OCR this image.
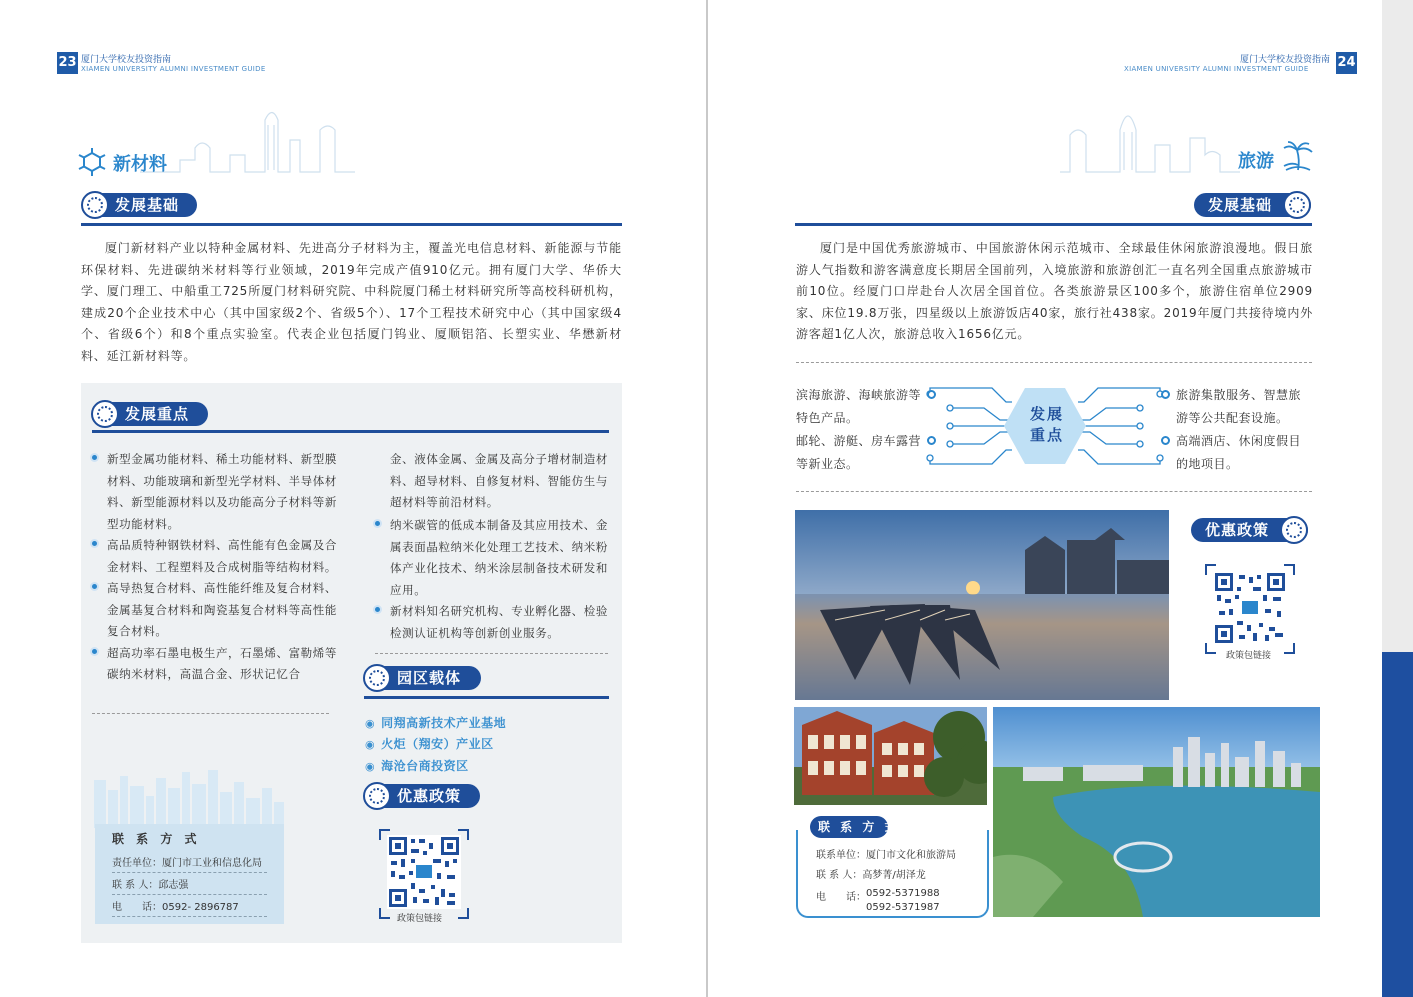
23 厦门大学校友投资指南
XIAMEN UNIVERSITY ALUMNI INVESTMENT GUIDE
新材料
发展基础
厦门新材料产业以特种金属材料、先进高分子材料为主，覆盖光电信息材料、新能源与节能环保材料、先进碳纳米材料等行业领域，2019年完成产值910亿元。拥有厦门大学、华侨大学、厦门理工、中船重工725所厦门材料研究院、中科院厦门稀土材料研究所等高校科研机构，建成20个企业技术中心（其中国家级2个、省级5个）、17个工程技术研究中心（其中国家级4个、省级6个）和8个重点实验室。代表企业包括厦门钨业、厦顺铝箔、长塑实业、华懋新材料、延江新材料等。
发展重点
新型金属功能材料、稀土功能材料、新型膜材料、功能玻璃和新型光学材料、半导体材料、新型能源材料以及功能高分子材料等新型功能材料。
高品质特种钢铁材料、高性能有色金属及合金材料、工程塑料及合成树脂等结构材料。
高导热复合材料、高性能纤维及复合材料、金属基复合材料和陶瓷基复合材料等高性能复合材料。
超高功率石墨电极生产，石墨烯、富勒烯等碳纳米材料，高温合金、形状记忆合
金、液体金属、金属及高分子增材制造材料、超导材料、自修复材料、智能仿生与超材料等前沿材料。
纳米碳管的低成本制备及其应用技术、金属表面晶粒纳米化处理工艺技术、纳米粉体产业化技术、纳米涂层制备技术研发和应用。
新材料知名研究机构、专业孵化器、检验检测认证机构等创新创业服务。
园区载体
◉ 同翔高新技术产业基地
◉ 火炬（翔安）产业区
◉ 海沧台商投资区
优惠政策
政策包链接
联 系 方 式
责任单位：厦门市工业和信息化局
联 系 人：邱志强
电　　话：0592- 2896787
厦门大学校友投资指南
XIAMEN UNIVERSITY ALUMNI INVESTMENT GUIDE 24
旅游
发展基础
厦门是中国优秀旅游城市、中国旅游休闲示范城市、全球最佳休闲旅游浪漫地。假日旅游人气指数和游客满意度长期居全国前列，入境旅游和旅游创汇一直名列全国重点旅游城市前10位。经厦门口岸赴台人次居全国首位。各类旅游景区100多个，旅游住宿单位2909家、床位19.8万张，四星级以上旅游饭店40家，旅行社438家。2019年厦门共接待境内外游客超1亿人次，旅游总收入1656亿元。
发展
重点
滨海旅游、海峡旅游等特色产品。
邮轮、游艇、房车露营等新业态。
旅游集散服务、智慧旅游等公共配套设施。
高端酒店、休闲度假目的地项目。
优惠政策
政策包链接
联 系 方 式
联系单位：厦门市文化和旅游局
联 系 人：高梦菁/胡泽龙
电　　话： 0592-5371988
0592-5371987
